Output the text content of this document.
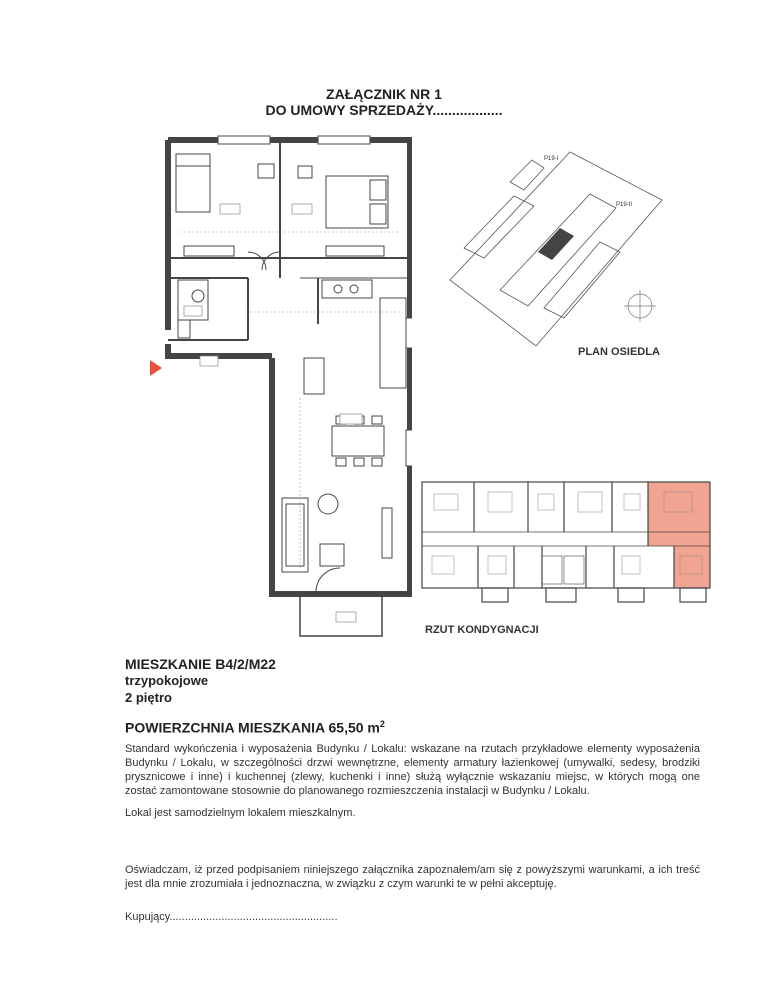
ZAŁĄCZNIK NR 1
DO UMOWY SPRZEDAŻY..................
P19-I
P19-II
PLAN OSIEDLA
RZUT KONDYGNACJI
MIESZKANIE B4/2/M22
trzypokojowe
2 piętro
POWIERZCHNIA MIESZKANIA 65,50 $m^2$
Standard wykończenia i wyposażenia Budynku / Lokalu: wskazane na rzutach przykładowe elementy wyposażenia Budynku / Lokalu, w szczególności drzwi wewnętrzne, elementy armatury łazienkowej (umywalki, sedesy, brodziki prysznicowe i inne) i kuchennej (zlewy, kuchenki i inne) służą wyłącznie wskazaniu miejsc, w których mogą one zostać zamontowane stosownie do planowanego rozmieszczenia instalacji w Budynku / Lokalu.
Lokal jest samodzielnym lokalem mieszkalnym.
Oświadczam, iż przed podpisaniem niniejszego załącznika zapoznałem/am się z powyższymi warunkami, a ich treść jest dla mnie zrozumiała i jednoznaczna, w związku z czym warunki te w pełni akceptuję.
Kupujący.......................................................
